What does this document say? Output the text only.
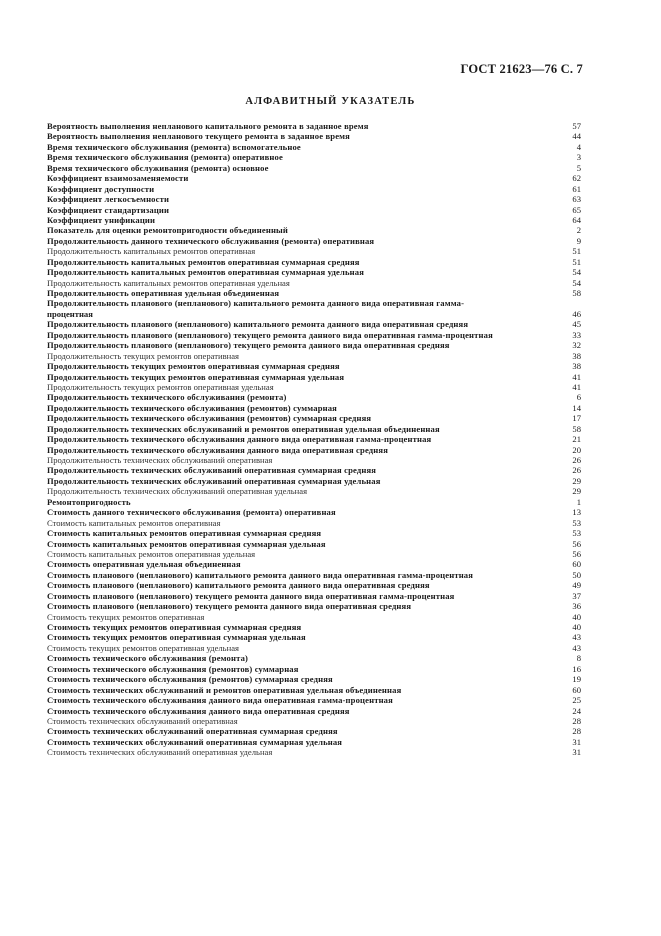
ГОСТ 21623—76 С. 7
АЛФАВИТНЫЙ УКАЗАТЕЛЬ
Вероятность выполнения непланового капитального ремонта в заданное время	57
Вероятность выполнения непланового текущего ремонта в заданное время	44
Время технического обслуживания (ремонта) вспомогательное	4
Время технического обслуживания (ремонта) оперативное	3
Время технического обслуживания (ремонта) основное	5
Коэффициент взаимозаменяемости	62
Коэффициент доступности	61
Коэффициент легкосъемности	63
Коэффициент стандартизации	65
Коэффициент унификации	64
Показатель для оценки ремонтопригодности объединенный	2
Продолжительность данного технического обслуживания (ремонта) оперативная	9
Продолжительность капитальных ремонтов оперативная	51
Продолжительность капитальных ремонтов оперативная суммарная средняя	51
Продолжительность капитальных ремонтов оперативная суммарная удельная	54
Продолжительность капитальных ремонтов оперативная удельная	54
Продолжительность оперативная удельная объединенная	58
Продолжительность планового (непланового) капитального ремонта данного вида оперативная гамма-
процентная	46
Продолжительность планового (непланового) капитального ремонта данного вида оперативная средняя	45
Продолжительность планового (непланового) текущего ремонта данного вида оперативная гамма-процентная	33
Продолжительность планового (непланового) текущего ремонта данного вида оперативная средняя	32
Продолжительность текущих ремонтов оперативная	38
Продолжительность текущих ремонтов оперативная суммарная средняя	38
Продолжительность текущих ремонтов оперативная суммарная удельная	41
Продолжительность текущих ремонтов оперативная удельная	41
Продолжительность технического обслуживания (ремонта)	6
Продолжительность технического обслуживания (ремонтов) суммарная	14
Продолжительность технического обслуживания (ремонтов) суммарная средняя	17
Продолжительность технических обслуживаний и ремонтов оперативная удельная объединенная	58
Продолжительность технического обслуживания данного вида оперативная гамма-процентная	21
Продолжительность технического обслуживания данного вида оперативная средняя	20
Продолжительность технических обслуживаний оперативная	26
Продолжительность технических обслуживаний оперативная суммарная средняя	26
Продолжительность технических обслуживаний оперативная суммарная удельная	29
Продолжительность технических обслуживаний оперативная удельная	29
Ремонтопригодность	1
Стоимость данного технического обслуживания (ремонта) оперативная	13
Стоимость капитальных ремонтов оперативная	53
Стоимость капитальных ремонтов оперативная суммарная средняя	53
Стоимость капитальных ремонтов оперативная суммарная удельная	56
Стоимость капитальных ремонтов оперативная удельная	56
Стоимость оперативная удельная объединенная	60
Стоимость планового (непланового) капитального ремонта данного вида оперативная гамма-процентная	50
Стоимость планового (непланового) капитального ремонта данного вида оперативная средняя	49
Стоимость планового (непланового) текущего ремонта данного вида оперативная гамма-процентная	37
Стоимость планового (непланового) текущего ремонта данного вида оперативная средняя	36
Стоимость текущих ремонтов оперативная	40
Стоимость текущих ремонтов оперативная суммарная средняя	40
Стоимость текущих ремонтов оперативная суммарная удельная	43
Стоимость текущих ремонтов оперативная удельная	43
Стоимость технического обслуживания (ремонта)	8
Стоимость технического обслуживания (ремонтов) суммарная	16
Стоимость технического обслуживания (ремонтов) суммарная средняя	19
Стоимость технических обслуживаний и ремонтов оперативная удельная объединенная	60
Стоимость технического обслуживания данного вида оперативная гамма-процентная	25
Стоимость технического обслуживания данного вида оперативная средняя	24
Стоимость технических обслуживаний оперативная	28
Стоимость технических обслуживаний оперативная суммарная средняя	28
Стоимость технических обслуживаний оперативная суммарная удельная	31
Стоимость технических обслуживаний оперативная удельная	31
